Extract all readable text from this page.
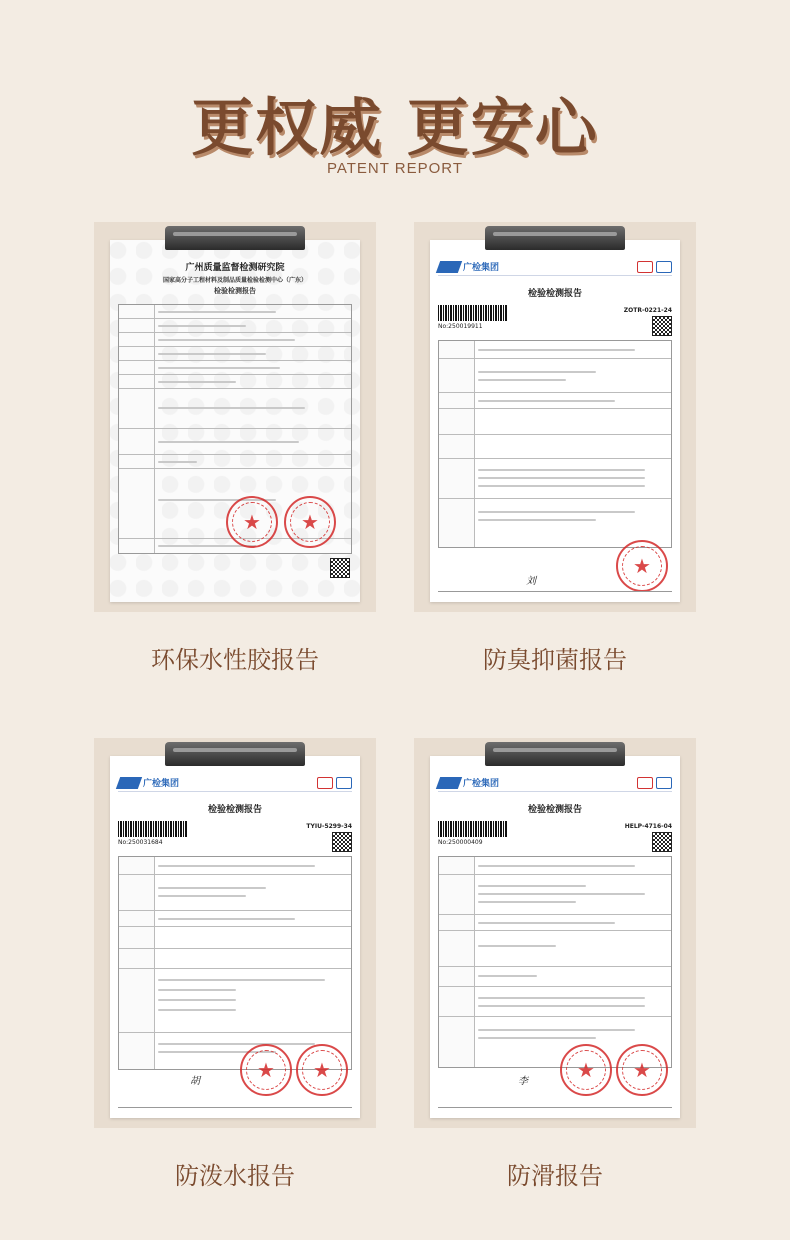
更权威 更安心
PATENT REPORT
广州质量监督检测研究院
国家高分子工程材料及制品质量检验检测中心（广东）
检验检测报告
★ ★
广检集团
检验检测报告
No:250019911
ZOTR-0221-24
★
刘
广检集团
检验检测报告
No:250031684
TYIU-5299-34
★ ★
胡
广检集团
检验检测报告
No:250000409
HELP-4716-04
★ ★
李
环保水性胶报告	防臭抑菌报告
防泼水报告	防滑报告
